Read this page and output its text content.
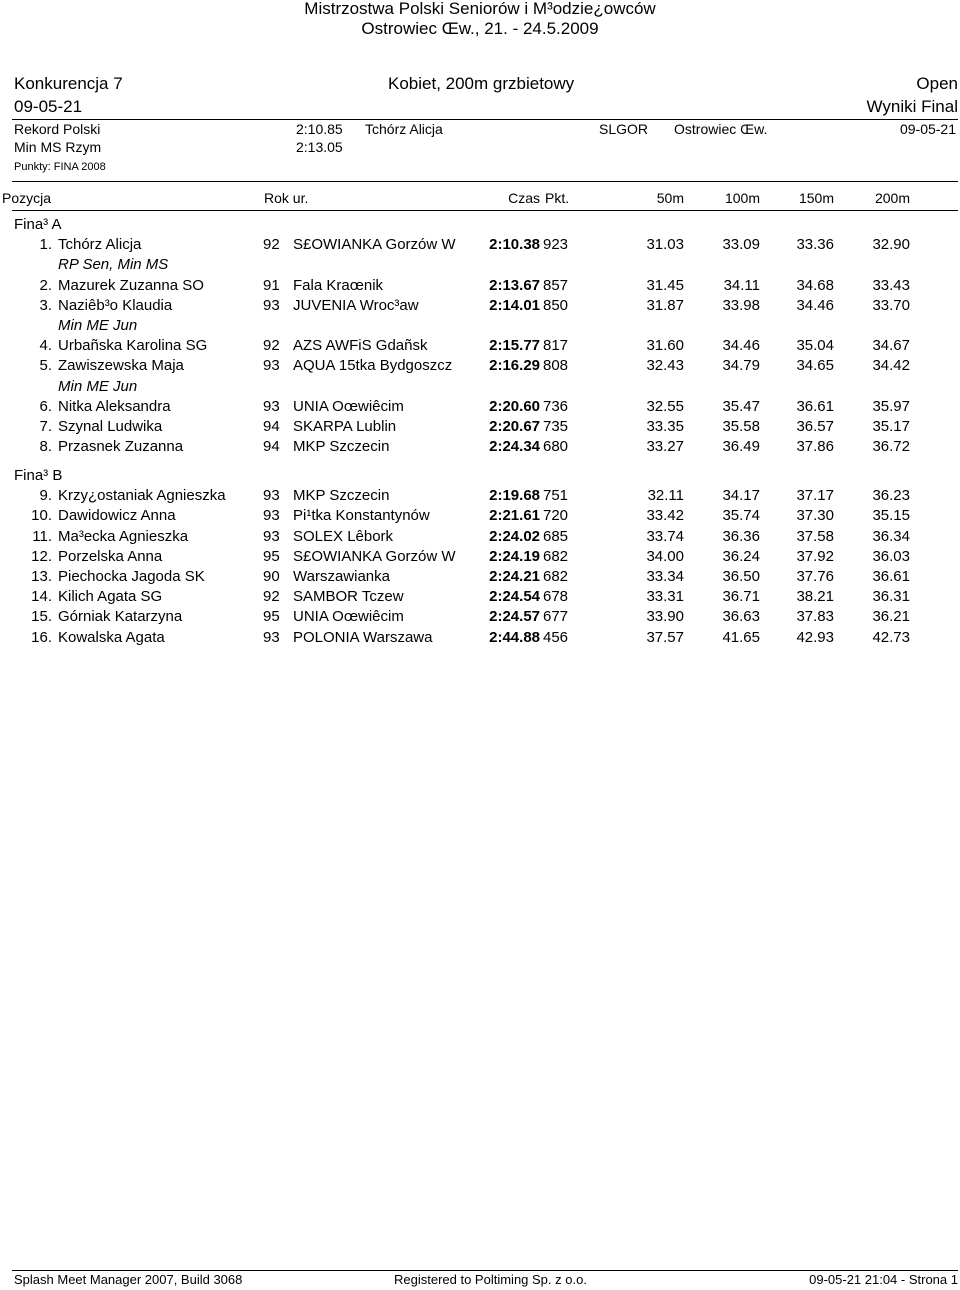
Mistrzostwa Polski Seniorów i M³odzie¿owców
Ostrowiec Œw., 21. - 24.5.2009
Konkurencja 7	Kobiet, 200m grzbietowy	Open
09-05-21	Wyniki Final
Rekord Polski	2:10.85 Tchórz Alicja	SLGOR Ostrowiec Œw.	09-05-21
Min MS Rzym	2:13.05
Punkty: FINA 2008
Pozycja	Rok ur.	Czas Pkt.	50m	100m	150m	200m
Fina³ A
1. Tchórz Alicja	92 S£OWIANKA Gorzów W	2:10.38 923	31.03	33.09	33.36	32.90
RP Sen, Min MS
2. Mazurek Zuzanna SO	91 Fala Kraœnik	2:13.67 857	31.45	34.11	34.68	33.43
3. Naziêb³o Klaudia	93 JUVENIA Wroc³aw	2:14.01 850	31.87	33.98	34.46	33.70
Min ME Jun
4. Urbañska Karolina SG	92 AZS AWFiS Gdañsk	2:15.77 817	31.60	34.46	35.04	34.67
5. Zawiszewska Maja	93 AQUA 15tka Bydgoszcz	2:16.29 808	32.43	34.79	34.65	34.42
Min ME Jun
6. Nitka Aleksandra	93 UNIA Oœwiêcim	2:20.60 736	32.55	35.47	36.61	35.97
7. Szynal Ludwika	94 SKARPA Lublin	2:20.67 735	33.35	35.58	36.57	35.17
8. Przasnek Zuzanna	94 MKP Szczecin	2:24.34 680	33.27	36.49	37.86	36.72
Fina³ B
9. Krzy¿ostaniak Agnieszka 93 MKP Szczecin	2:19.68 751	32.11	34.17	37.17	36.23
10. Dawidowicz Anna	93 Pi¹tka Konstantynów	2:21.61 720	33.42	35.74	37.30	35.15
11. Ma³ecka Agnieszka	93 SOLEX Lêbork	2:24.02 685	33.74	36.36	37.58	36.34
12. Porzelska Anna	95 S£OWIANKA Gorzów W	2:24.19 682	34.00	36.24	37.92	36.03
13. Piechocka Jagoda SK	90 Warszawianka	2:24.21 682	33.34	36.50	37.76	36.61
14. Kilich Agata SG	92 SAMBOR Tczew	2:24.54 678	33.31	36.71	38.21	36.31
15. Górniak Katarzyna	95 UNIA Oœwiêcim	2:24.57 677	33.90	36.63	37.83	36.21
16. Kowalska Agata	93 POLONIA Warszawa	2:44.88 456	37.57	41.65	42.93	42.73
Splash Meet Manager 2007, Build 3068	Registered to Poltiming Sp. z o.o.	09-05-21 21:04 - Strona 1
